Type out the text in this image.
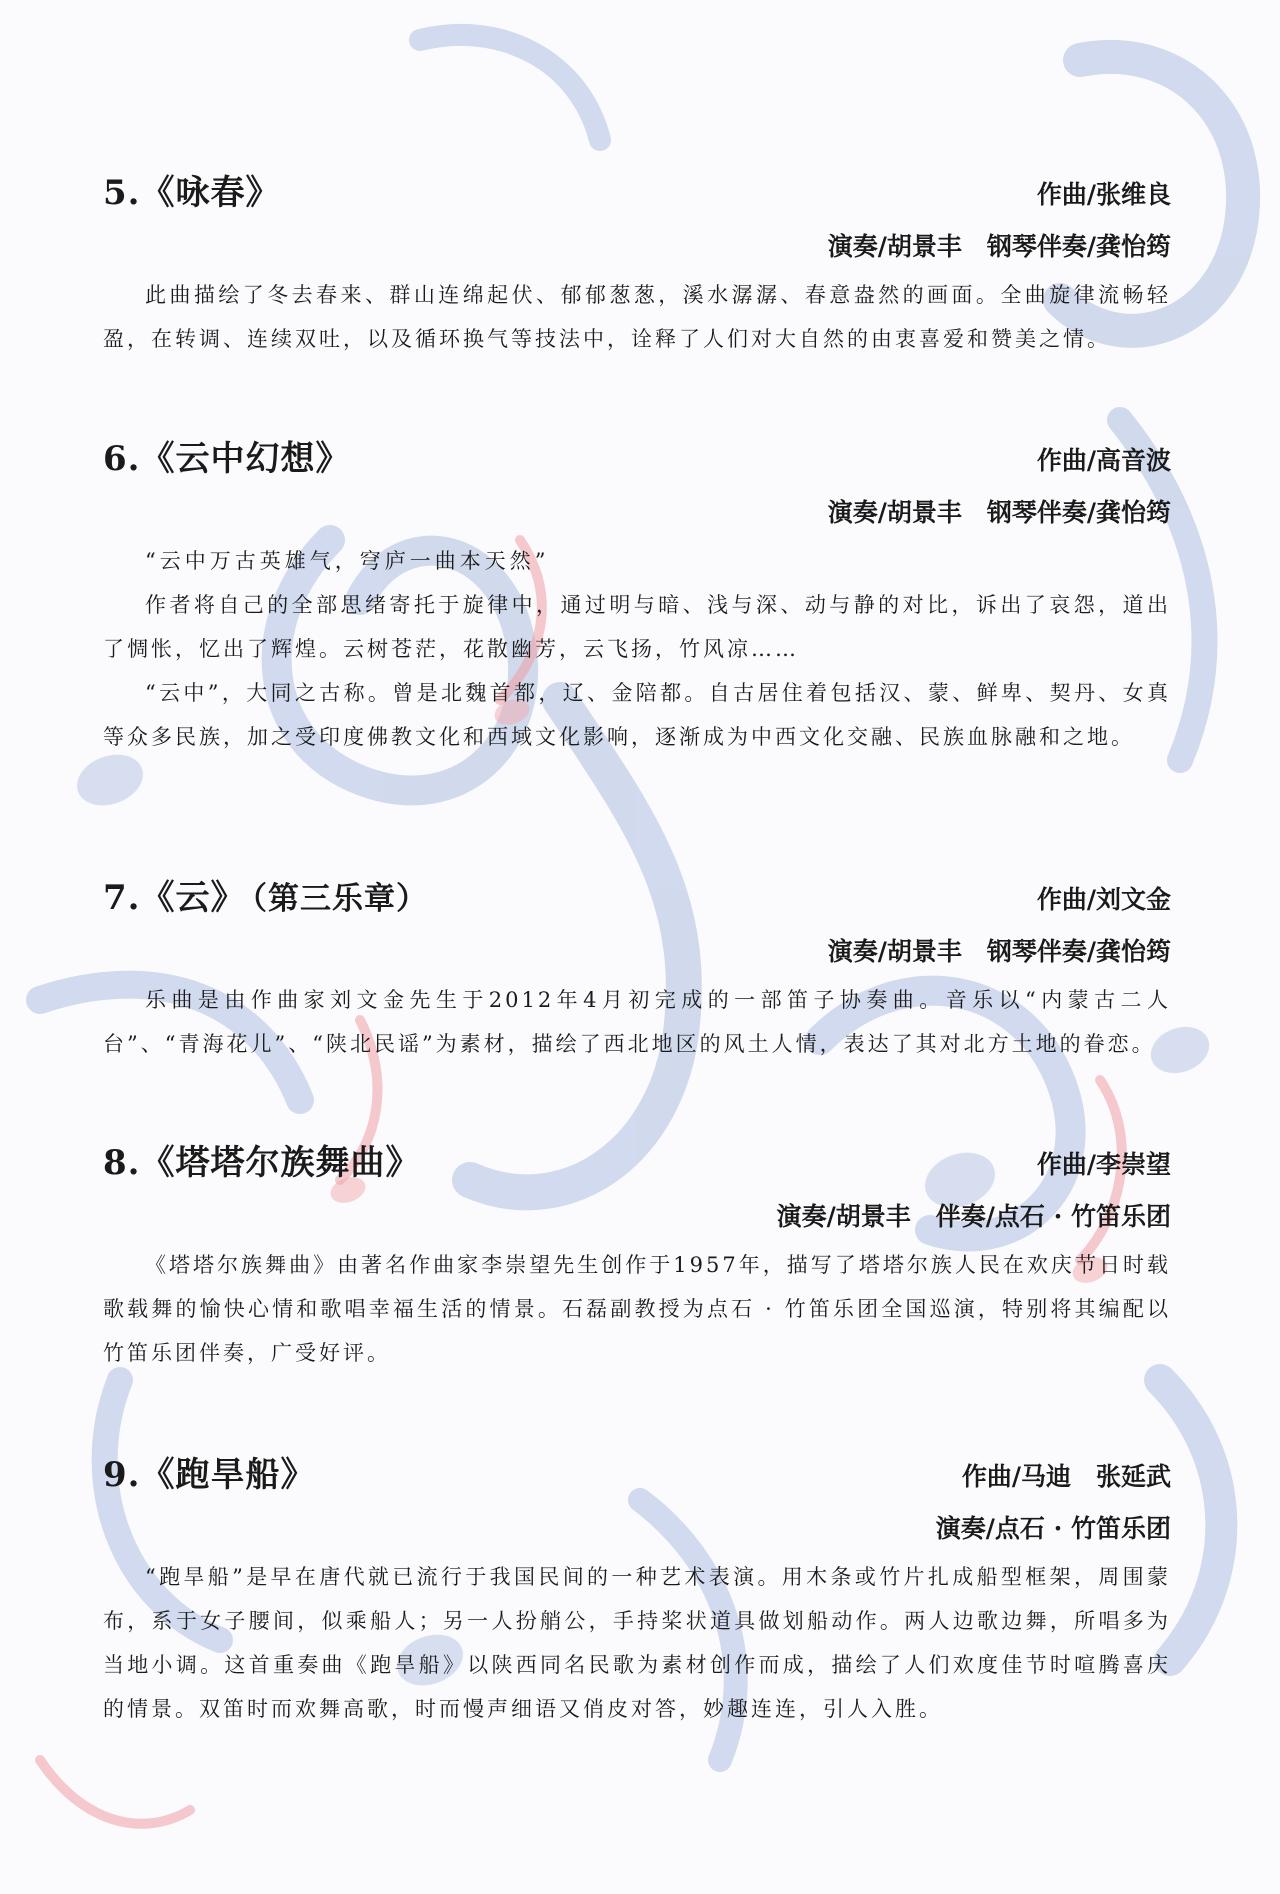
5.《咏春》	作曲/张维良
演奏/胡景丰　钢琴伴奏/龚怡筠

此曲描绘了冬去春来、群山连绵起伏、郁郁葱葱，溪水潺潺、春意盎然的画面。全曲旋律流畅轻盈，在转调、连续双吐，以及循环换气等技法中，诠释了人们对大自然的由衷喜爱和赞美之情。

6.《云中幻想》	作曲/高音波
演奏/胡景丰　钢琴伴奏/龚怡筠

“云中万古英雄气，穹庐一曲本天然”

作者将自己的全部思绪寄托于旋律中，通过明与暗、浅与深、动与静的对比，诉出了哀怨，道出了惆怅，忆出了辉煌。云树苍茫，花散幽芳，云飞扬，竹风凉……

“云中”，大同之古称。曾是北魏首都，辽、金陪都。自古居住着包括汉、蒙、鲜卑、契丹、女真等众多民族，加之受印度佛教文化和西域文化影响，逐渐成为中西文化交融、民族血脉融和之地。

7.《云》 （第三乐章）	作曲/刘文金
演奏/胡景丰　钢琴伴奏/龚怡筠

乐曲是由作曲家刘文金先生于2012年4月初完成的一部笛子协奏曲。音乐以“内蒙古二人台”、“青海花儿”、“陕北民谣”为素材，描绘了西北地区的风土人情，表达了其对北方土地的眷恋。

8.《塔塔尔族舞曲》	作曲/李崇望
演奏/胡景丰　伴奏/点石 · 竹笛乐团

《塔塔尔族舞曲》由著名作曲家李崇望先生创作于1957年，描写了塔塔尔族人民在欢庆节日时载歌载舞的愉快心情和歌唱幸福生活的情景。石磊副教授为点石 · 竹笛乐团全国巡演，特别将其编配以竹笛乐团伴奏，广受好评。

9.《跑旱船》	作曲/马迪　张延武
演奏/点石 · 竹笛乐团

“跑旱船”是早在唐代就已流行于我国民间的一种艺术表演。用木条或竹片扎成船型框架，周围蒙布，系于女子腰间，似乘船人；另一人扮艄公，手持桨状道具做划船动作。两人边歌边舞，所唱多为当地小调。这首重奏曲《跑旱船》以陕西同名民歌为素材创作而成，描绘了人们欢度佳节时喧腾喜庆的情景。双笛时而欢舞高歌，时而慢声细语又俏皮对答，妙趣连连，引人入胜。
